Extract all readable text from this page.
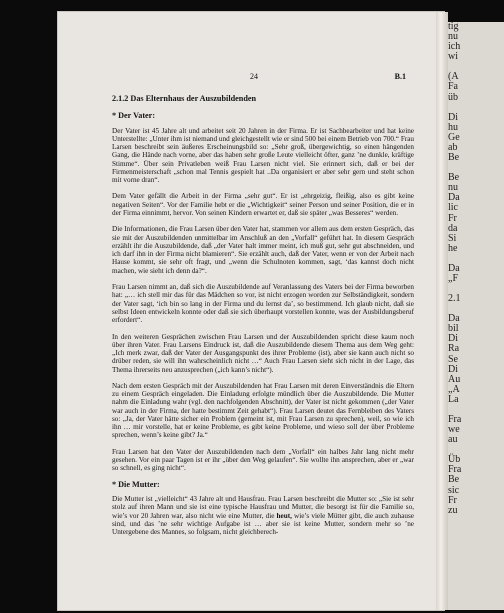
tig
nu
ich
wi
(A
Fa
üb
Di
hu
Ge
ab
Be
Be
nu
Da
lic
Fr
da
Si
he
Da
„F
2.1
Da
bil
Di
Ra
Se
Di
Au
„A
La
Fra
we
au
Üb
Fra
Be
sic
Fr
zu
24	B.1
2.1.2 Das Elternhaus der Auszubildenden
* Der Vater:

Der Vater ist 45 Jahre alt und arbeitet seit 20 Jahren in der Firma. Er ist Sachbearbeiter und hat keine Unterstellte: „Unter ihm ist niemand und gleichgestellt wie er sind 500 bei einem Betrieb von 700.“ Frau Larsen beschreibt sein äußeres Erscheinungsbild so: „Sehr groß, übergewichtig, so einen hängenden Gang, die Hände nach vorne, aber das haben sehr große Leute vielleicht öfter, ganz ’ne dunkle, kräftige Stimme“. Über sein Privatleben weiß Frau Larsen nicht viel. Sie erinnert sich, daß er bei der Firmenmeisterschaft „schon mal Tennis gespielt hat ..Da organisiert er aber sehr gern und steht schon mit vorne dran“.

Dem Vater gefällt die Arbeit in der Firma „sehr gut“. Er ist „ehrgeizig, fleißig, also es gibt keine negativen Seiten“. Vor der Familie hebt er die „Wichtigkeit“ seiner Person und seiner Position, die er in der Firma einnimmt, hervor. Von seinen Kindern erwartet er, daß sie später „was Besseres“ werden.

Die Informationen, die Frau Larsen über den Vater hat, stammen vor allem aus dem ersten Gespräch, das sie mit der Auszubildenden unmittelbar im Anschluß an den „Vorfall“ geführt hat. In diesem Gespräch erzählt ihr die Auszubildende, daß „der Vater halt immer meint, ich muß gut, sehr gut abschneiden, und ich darf ihn in der Firma nicht blamieren“. Sie erzählt auch, daß der Vater, wenn er von der Arbeit nach Hause kommt, sie sehr oft fragt, und „wenn die Schulnoten kommen, sagt, ‘das kannst doch nicht machen, wie sieht ich denn da?“.

Frau Larsen nimmt an, daß sich die Auszubildende auf Veranlassung des Vaters bei der Firma beworben hat: „… ich stell mir das für das Mädchen so vor, ist nicht erzogen worden zur Selbständigkeit, sondern der Vater sagt, ‘ich bin so lang in der Firma und du lernst da’, so bestimmend. Ich glaub nicht, daß sie selbst Ideen entwickeln konnte oder daß sie sich überhaupt vorstellen konnte, was der Ausbildungsberuf erfordert“.

In den weiteren Gesprächen zwischen Frau Larsen und der Auszubildenden spricht diese kaum noch über ihren Vater. Frau Larsens Eindruck ist, daß die Auszubildende diesem Thema aus dem Weg geht: „Ich merk zwar, daß der Vater der Ausgangspunkt des ihrer Probleme (ist), aber sie kann auch nicht so drüber reden, sie will ihn wahrscheinlich nicht …“ Auch Frau Larsen sieht sich nicht in der Lage, das Thema ihrerseits neu anzusprechen („ich kann’s nicht“).

Nach dem ersten Gespräch mit der Auszubildenden hat Frau Larsen mit deren Einverständnis die Eltern zu einem Gespräch eingeladen. Die Einladung erfolgte mündlich über die Auszubildende. Die Mutter nahm die Einladung wahr (vgl. den nachfolgenden Abschnitt), der Vater ist nicht gekommen („der Vater war auch in der Firma, der hatte bestimmt Zeit gehabt“). Frau Larsen deutet das Fernbleiben des Vaters so: „Ja, der Vater hätte sicher ein Problem (gemeint ist, mit Frau Larsen zu sprechen), weil, so wie ich ihn … mir vorstelle, hat er keine Probleme, es gibt keine Probleme, und wieso soll der über Probleme sprechen, wenn’s keine gibt? Ja.“

Frau Larsen hat den Vater der Auszubildenden nach dem „Vorfall“ ein halbes Jahr lang nicht mehr gesehen. Vor ein paar Tagen ist er ihr „über den Weg gelaufen“. Sie wollte ihn ansprechen, aber er „war so schnell, es ging nicht“.

* Die Mutter:

Die Mutter ist „vielleicht“ 43 Jahre alt und Hausfrau. Frau Larsen beschreibt die Mutter so: „Sie ist sehr stolz auf ihren Mann und sie ist eine typische Hausfrau und Mutter, die besorgt ist für die Familie so, wie’s vor 20 Jahren war, also nicht wie eine Mutter, die heut, wie’s viele Mütter gibt, die auch zuhause sind, und das ’ne sehr wichtige Aufgabe ist … aber sie ist keine Mutter, sondern mehr so ’ne Untergebene des Mannes, so folgsam, nicht gleichberech-
